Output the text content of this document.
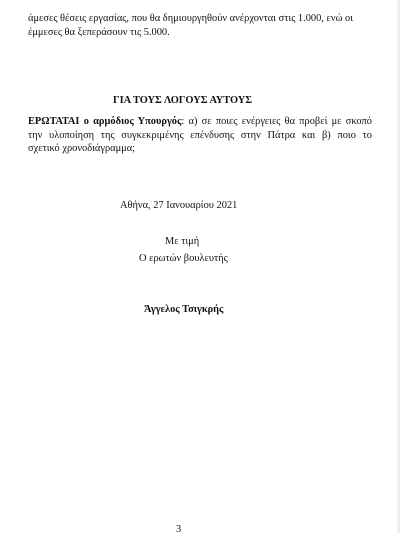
άμεσες θέσεις εργασίας, που θα δημιουργηθούν ανέρχονται στις 1.000, ενώ οι
έμμεσες θα ξεπεράσουν τις 5.000.
ΓΙΑ ΤΟΥΣ ΛΟΓΟΥΣ ΑΥΤΟΥΣ
ΕΡΩΤΑΤΑΙ ο αρμόδιος Υπουργός: α) σε ποιες ενέργειες θα προβεί με σκοπό
την υλοποίηση της συγκεκριμένης επένδυσης στην Πάτρα και β) ποιο το
σχετικό χρονοδιάγραμμα;
Αθήνα, 27 Ιανουαρίου 2021
Με τιμή
Ο ερωτών βουλευτής
Άγγελος Τσιγκρής
3
